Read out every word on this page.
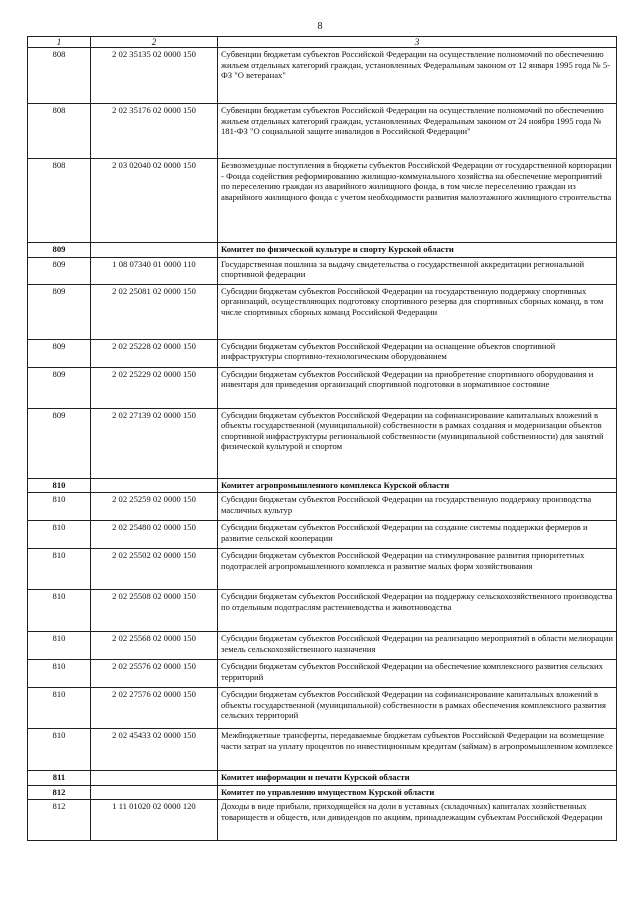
8
1	2	3
808	2 02 35135 02 0000 150	Субвенции бюджетам субъектов Российской Федерации на осуществление полномочий по обеспечению жильем отдельных категорий граждан, установленных Федеральным законом от 12 января 1995 года № 5-ФЗ "О ветеранах"
808	2 02 35176 02 0000 150	Субвенции бюджетам субъектов Российской Федерации на осуществление полномочий по обеспечению жильем отдельных категорий граждан, установленных Федеральным законом от 24 ноября 1995 года № 181-ФЗ "О социальной защите инвалидов в Российской Федерации"
808	2 03 02040 02 0000 150	Безвозмездные поступления в бюджеты субъектов Российской Федерации от государственной корпорации - Фонда содействия реформированию жилищно-коммунального хозяйства на обеспечение мероприятий по переселению граждан из аварийного жилищного фонда, в том числе переселению граждан из аварийного жилищного фонда с учетом необходимости развития малоэтажного жилищного строительства
809		Комитет по физической культуре и спорту Курской области
809	1 08 07340 01 0000 110	Государственная пошлина за выдачу свидетельства о государственной аккредитации региональной спортивной федерации
809	2 02 25081 02 0000 150	Субсидии бюджетам субъектов Российской Федерации на государственную поддержку спортивных организаций, осуществляющих подготовку спортивного резерва для спортивных сборных команд, в том числе спортивных сборных команд Российской Федерации
809	2 02 25228 02 0000 150	Субсидии бюджетам субъектов Российской Федерации на оснащение объектов спортивной инфраструктуры спортивно-технологическим оборудованием
809	2 02 25229 02 0000 150	Субсидии бюджетам субъектов Российской Федерации на приобретение спортивного оборудования и инвентаря для приведения организаций спортивной подготовки в нормативное состояние
809	2 02 27139 02 0000 150	Субсидии бюджетам субъектов Российской Федерации на софинансирование капитальных вложений в объекты государственной (муниципальной) собственности в рамках создания и модернизации объектов спортивной инфраструктуры региональной собственности (муниципальной собственности) для занятий физической культурой и спортом
810		Комитет агропромышленного комплекса Курской области
810	2 02 25259 02 0000 150	Субсидии бюджетам субъектов Российской Федерации на государственную поддержку производства масличных культур
810	2 02 25480 02 0000 150	Субсидии бюджетам субъектов Российской Федерации на создание системы поддержки фермеров и развитие сельской кооперации
810	2 02 25502 02 0000 150	Субсидии бюджетам субъектов Российской Федерации на стимулирование развития приоритетных подотраслей агропромышленного комплекса и развитие малых форм хозяйствования
810	2 02 25508 02 0000 150	Субсидии бюджетам субъектов Российской Федерации на поддержку сельскохозяйственного производства по отдельным подотраслям растениеводства и животноводства
810	2 02 25568 02 0000 150	Субсидии бюджетам субъектов Российской Федерации на реализацию мероприятий в области мелиорации земель сельскохозяйственного назначения
810	2 02 25576 02 0000 150	Субсидии бюджетам субъектов Российской Федерации на обеспечение комплексного развития сельских территорий
810	2 02 27576 02 0000 150	Субсидии бюджетам субъектов Российской Федерации на софинансирование капитальных вложений в объекты государственной (муниципальной) собственности в рамках обеспечения комплексного развития сельских территорий
810	2 02 45433 02 0000 150	Межбюджетные трансферты, передаваемые бюджетам субъектов Российской Федерации на возмещение части затрат на уплату процентов по инвестиционным кредитам (займам) в агропромышленном комплексе
811		Комитет информации и печати Курской области
812		Комитет по управлению имуществом Курской области
812	1 11 01020 02 0000 120	Доходы в виде прибыли, приходящейся на доли в уставных (складочных) капиталах хозяйственных товариществ и обществ, или дивидендов по акциям, принадлежащим субъектам Российской Федерации
